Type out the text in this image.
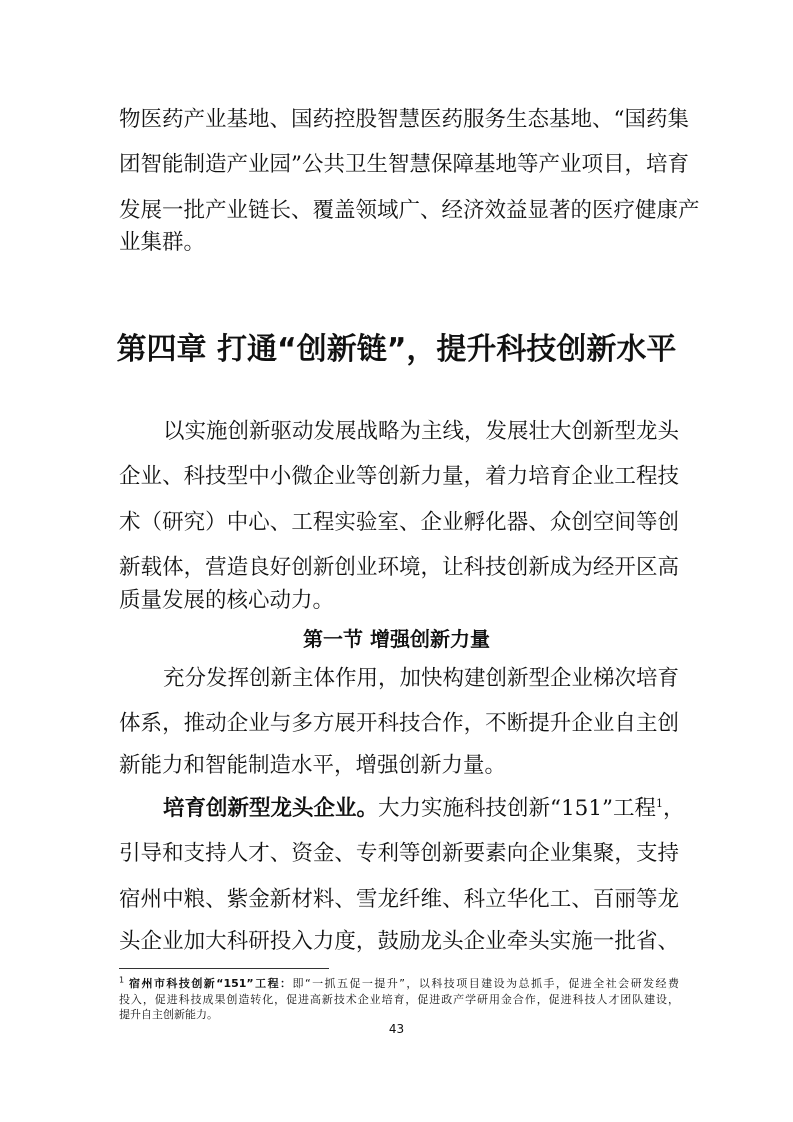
物医药产业基地、国药控股智慧医药服务生态基地、“国药集
团智能制造产业园”公共卫生智慧保障基地等产业项目，培育
发展一批产业链长、覆盖领域广、经济效益显著的医疗健康产
业集群。
第四章 打通“创新链”，提升科技创新水平
以实施创新驱动发展战略为主线，发展壮大创新型龙头
企业、科技型中小微企业等创新力量，着力培育企业工程技
术（研究）中心、工程实验室、企业孵化器、众创空间等创
新载体，营造良好创新创业环境，让科技创新成为经开区高
质量发展的核心动力。
第一节 增强创新力量
充分发挥创新主体作用，加快构建创新型企业梯次培育
体系，推动企业与多方展开科技合作，不断提升企业自主创
新能力和智能制造水平，增强创新力量。
培育创新型龙头企业。大力实施科技创新“151”工程$^1$，
引导和支持人才、资金、专利等创新要素向企业集聚，支持
宿州中粮、紫金新材料、雪龙纤维、科立华化工、百丽等龙
头企业加大科研投入力度，鼓励龙头企业牵头实施一批省、
$^1$ 宿州市科技创新“151”工程：即“一抓五促一提升”，以科技项目建设为总抓手，促进全社会研发经费
投入，促进科技成果创造转化，促进高新技术企业培育，促进政产学研用金合作，促进科技人才团队建设，
提升自主创新能力。
43
